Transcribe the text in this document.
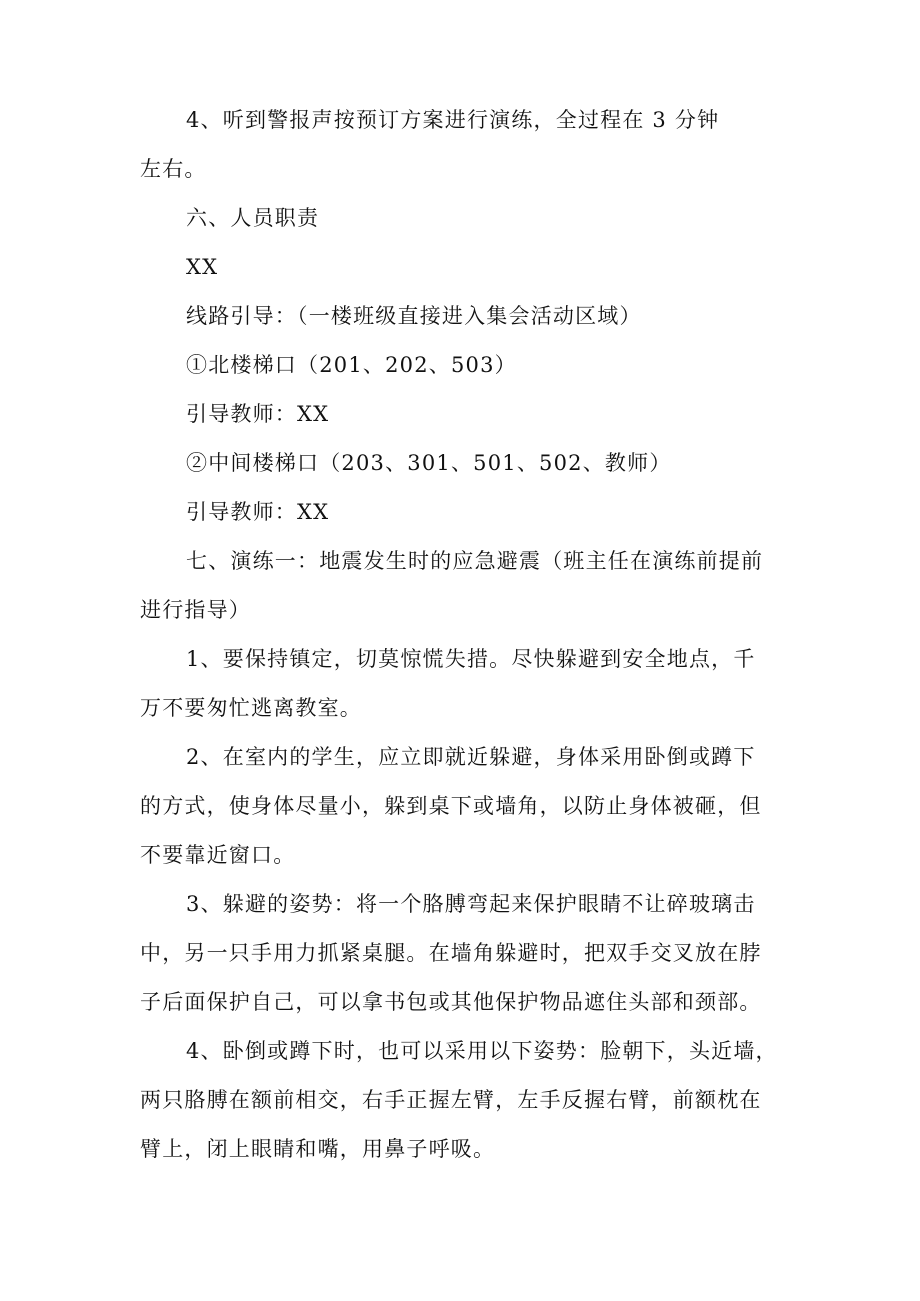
4、听到警报声按预订方案进行演练，全过程在 3 分钟
左右。

六、人员职责

XX

线路引导：（一楼班级直接进入集会活动区域）

①北楼梯口（201、202、503）

引导教师：XX

②中间楼梯口（203、301、501、502、教师）

引导教师：XX

七、演练一：地震发生时的应急避震（班主任在演练前提前
进行指导）

1、要保持镇定，切莫惊慌失措。尽快躲避到安全地点，千
万不要匆忙逃离教室。

2、在室内的学生，应立即就近躲避，身体采用卧倒或蹲下
的方式，使身体尽量小，躲到桌下或墙角，以防止身体被砸，但
不要靠近窗口。

3、躲避的姿势：将一个胳膊弯起来保护眼睛不让碎玻璃击
中，另一只手用力抓紧桌腿。在墙角躲避时，把双手交叉放在脖
子后面保护自己，可以拿书包或其他保护物品遮住头部和颈部。

4、卧倒或蹲下时，也可以采用以下姿势：脸朝下，头近墙，
两只胳膊在额前相交，右手正握左臂，左手反握右臂，前额枕在
臂上，闭上眼睛和嘴，用鼻子呼吸。
